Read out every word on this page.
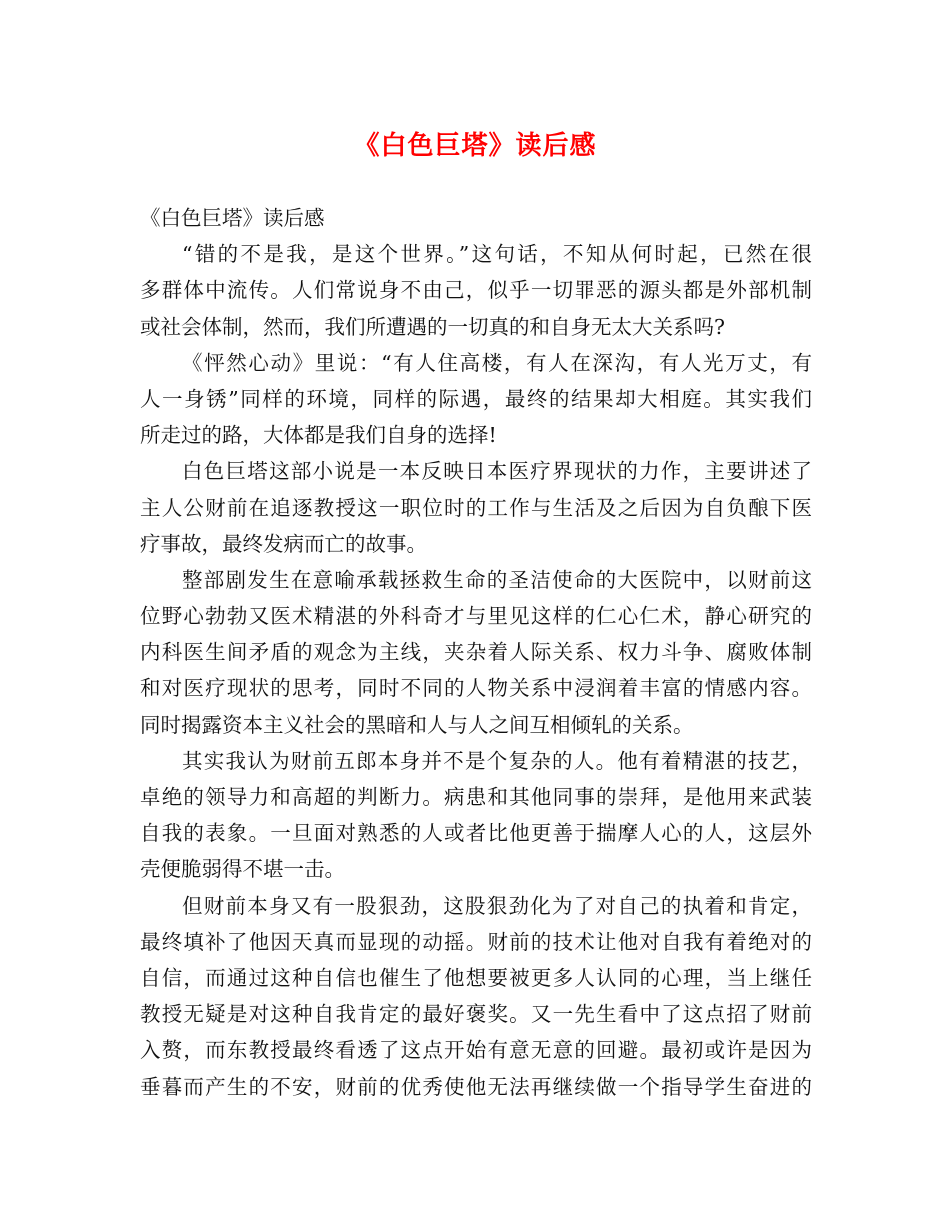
《白色巨塔》读后感
《白色巨塔》读后感
“错的不是我，是这个世界。”这句话，不知从何时起，已然在很
多群体中流传。人们常说身不由己，似乎一切罪恶的源头都是外部机制
或社会体制，然而，我们所遭遇的一切真的和自身无太大关系吗?
《怦然心动》里说：“有人住高楼，有人在深沟，有人光万丈，有
人一身锈”同样的环境，同样的际遇，最终的结果却大相庭。其实我们
所走过的路，大体都是我们自身的选择!
白色巨塔这部小说是一本反映日本医疗界现状的力作，主要讲述了
主人公财前在追逐教授这一职位时的工作与生活及之后因为自负酿下医
疗事故，最终发病而亡的故事。
整部剧发生在意喻承载拯救生命的圣洁使命的大医院中，以财前这
位野心勃勃又医术精湛的外科奇才与里见这样的仁心仁术，静心研究的
内科医生间矛盾的观念为主线，夹杂着人际关系、权力斗争、腐败体制
和对医疗现状的思考，同时不同的人物关系中浸润着丰富的情感内容。
同时揭露资本主义社会的黑暗和人与人之间互相倾轧的关系。
其实我认为财前五郎本身并不是个复杂的人。他有着精湛的技艺，
卓绝的领导力和高超的判断力。病患和其他同事的崇拜，是他用来武装
自我的表象。一旦面对熟悉的人或者比他更善于揣摩人心的人，这层外
壳便脆弱得不堪一击。
但财前本身又有一股狠劲，这股狠劲化为了对自己的执着和肯定，
最终填补了他因天真而显现的动摇。财前的技术让他对自我有着绝对的
自信，而通过这种自信也催生了他想要被更多人认同的心理，当上继任
教授无疑是对这种自我肯定的最好褒奖。又一先生看中了这点招了财前
入赘，而东教授最终看透了这点开始有意无意的回避。最初或许是因为
垂暮而产生的不安，财前的优秀使他无法再继续做一个指导学生奋进的
